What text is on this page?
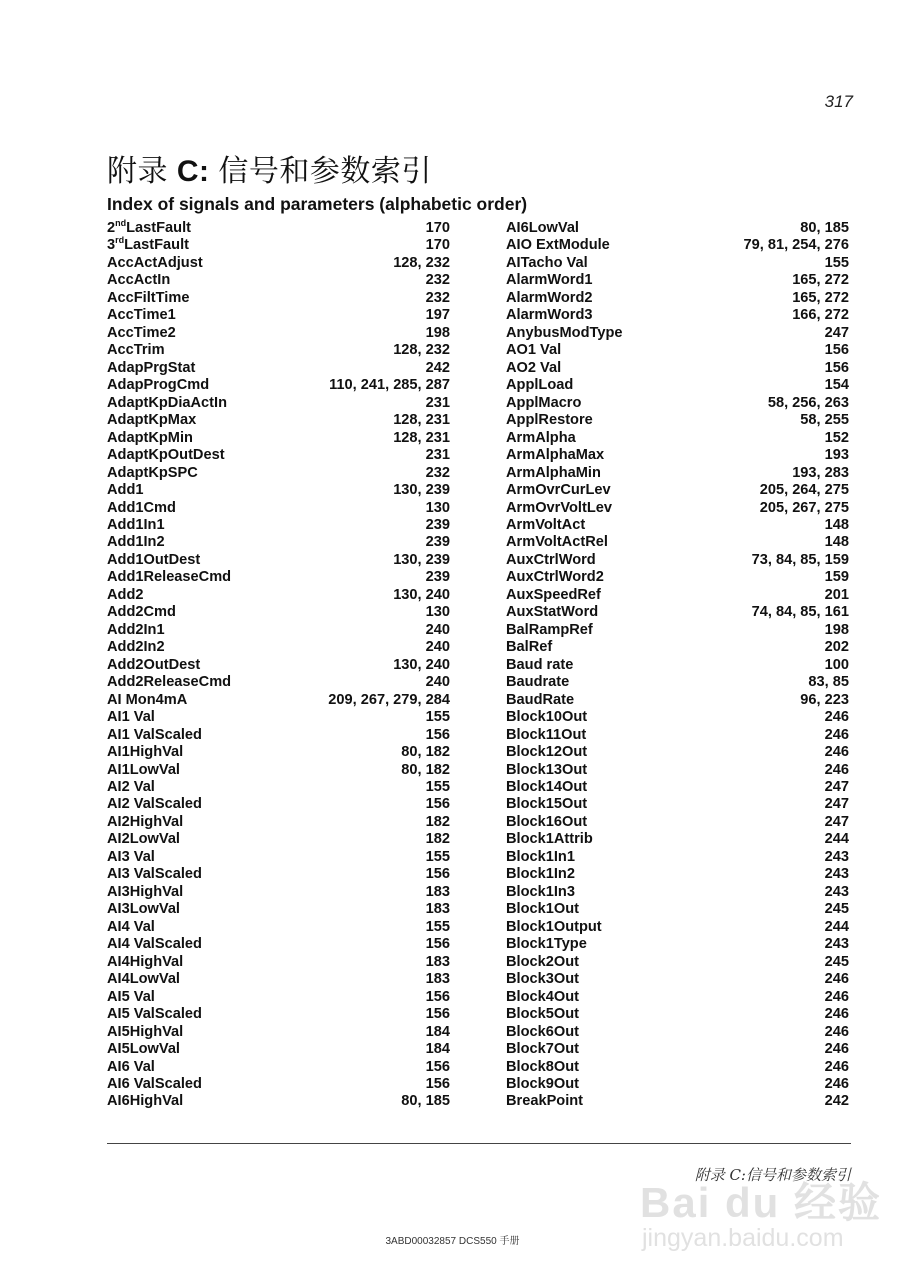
317
附录 C: 信号和参数索引
Index of signals and parameters (alphabetic order)
2ndLastFault	170
3rdLastFault	170
AccActAdjust	128, 232
AccActIn	232
AccFiltTime	232
AccTime1	197
AccTime2	198
AccTrim	128, 232
AdapPrgStat	242
AdapProgCmd	110, 241, 285, 287
AdaptKpDiaActIn	231
AdaptKpMax	128, 231
AdaptKpMin	128, 231
AdaptKpOutDest	231
AdaptKpSPC	232
Add1	130, 239
Add1Cmd	130
Add1In1	239
Add1In2	239
Add1OutDest	130, 239
Add1ReleaseCmd	239
Add2	130, 240
Add2Cmd	130
Add2In1	240
Add2In2	240
Add2OutDest	130, 240
Add2ReleaseCmd	240
AI Mon4mA	209, 267, 279, 284
AI1 Val	155
AI1 ValScaled	156
AI1HighVal	80, 182
AI1LowVal	80, 182
AI2 Val	155
AI2 ValScaled	156
AI2HighVal	182
AI2LowVal	182
AI3 Val	155
AI3 ValScaled	156
AI3HighVal	183
AI3LowVal	183
AI4 Val	155
AI4 ValScaled	156
AI4HighVal	183
AI4LowVal	183
AI5 Val	156
AI5 ValScaled	156
AI5HighVal	184
AI5LowVal	184
AI6 Val	156
AI6 ValScaled	156
AI6HighVal	80, 185
AI6LowVal	80, 185
AIO ExtModule	79, 81, 254, 276
AITacho Val	155
AlarmWord1	165, 272
AlarmWord2	165, 272
AlarmWord3	166, 272
AnybusModType	247
AO1 Val	156
AO2 Val	156
ApplLoad	154
ApplMacro	58, 256, 263
ApplRestore	58, 255
ArmAlpha	152
ArmAlphaMax	193
ArmAlphaMin	193, 283
ArmOvrCurLev	205, 264, 275
ArmOvrVoltLev	205, 267, 275
ArmVoltAct	148
ArmVoltActRel	148
AuxCtrlWord	73, 84, 85, 159
AuxCtrlWord2	159
AuxSpeedRef	201
AuxStatWord	74, 84, 85, 161
BalRampRef	198
BalRef	202
Baud rate	100
Baudrate	83, 85
BaudRate	96, 223
Block10Out	246
Block11Out	246
Block12Out	246
Block13Out	246
Block14Out	247
Block15Out	247
Block16Out	247
Block1Attrib	244
Block1In1	243
Block1In2	243
Block1In3	243
Block1Out	245
Block1Output	244
Block1Type	243
Block2Out	245
Block3Out	246
Block4Out	246
Block5Out	246
Block6Out	246
Block7Out	246
Block8Out	246
Block9Out	246
BreakPoint	242
Bai du 经验
jingyan.baidu.com
附录 C:信号和参数索引
3ABD00032857 DCS550 手册
